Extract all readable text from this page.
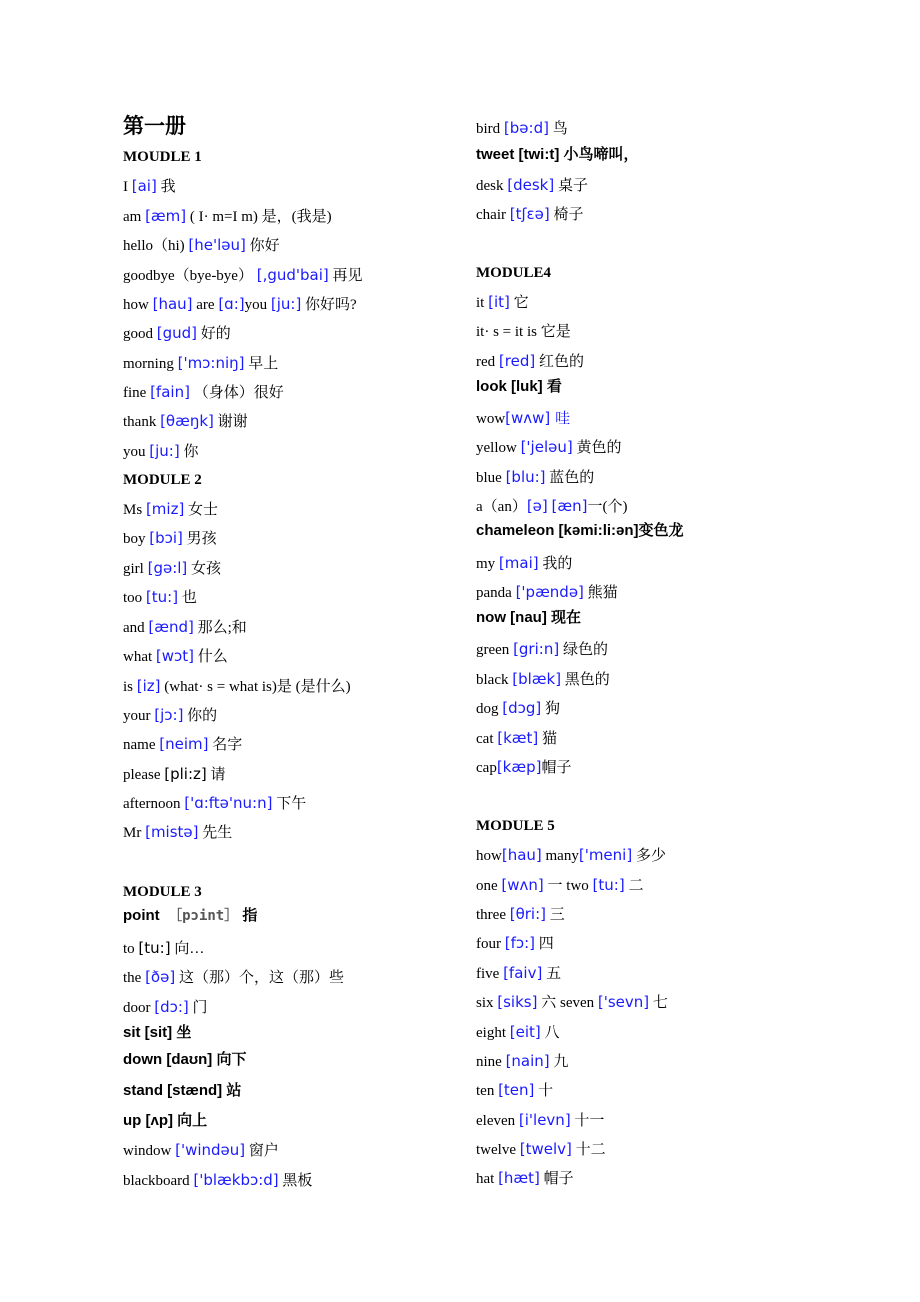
第一册
MOUDLE 1
I [ai] 我
am [æm] ( I· m=I m) 是，(我是)
hello（hi) [he'ləu] 你好
goodbye（bye-bye） [,gud'bai] 再见
how [hau] are [ɑ:]you [ju:] 你好吗?
good [gud] 好的
morning ['mɔ:niŋ] 早上
fine [fain] （身体）很好
thank [θæŋk] 谢谢
you [ju:] 你
MODULE 2
Ms [miz] 女士
boy [bɔi] 男孩
girl [gə:l] 女孩
too [tu:] 也
and [ænd] 那么;和
what [wɔt] 什么
is [iz] (what· s = what is)是 (是什么)
your [jɔ:] 你的
name [neim] 名字
please [pli:z] 请
afternoon ['ɑ:ftə'nu:n] 下午
Mr [mistə] 先生
MODULE 3
point ［pɔint］ 指
to [tu:] 向…
the [ðə] 这（那）个，这（那）些
door [dɔ:] 门
sit [sit] 坐
down [daʊn] 向下
stand [stænd] 站
up [ʌp] 向上
window ['windəu] 窗户
blackboard ['blækbɔ:d] 黑板
bird [bə:d] 鸟
tweet [twi:t] 小鸟啼叫，
desk [desk] 桌子
chair [tʃɛə] 椅子
MODULE4
it [it] 它
it· s = it is 它是
red [red] 红色的
look [luk] 看
wow[wʌw] 哇
yellow ['jeləu] 黄色的
blue [blu:] 蓝色的
a（an）[ə] [æn]一(个)
chameleon [kəmi:li:ən]变色龙
my [mai] 我的
panda ['pændə] 熊猫
now [nau] 现在
green [gri:n] 绿色的
black [blæk] 黑色的
dog [dɔg] 狗
cat [kæt] 猫
cap[kæp]帽子
MODULE 5
how[hau] many['meni] 多少
one [wʌn] 一 two [tu:] 二
three [θri:] 三
four [fɔ:] 四
five [faiv] 五
six [siks] 六 seven ['sevn] 七
eight [eit] 八
nine [nain] 九
ten [ten] 十
eleven [i'levn] 十一
twelve [twelv] 十二
hat [hæt] 帽子
